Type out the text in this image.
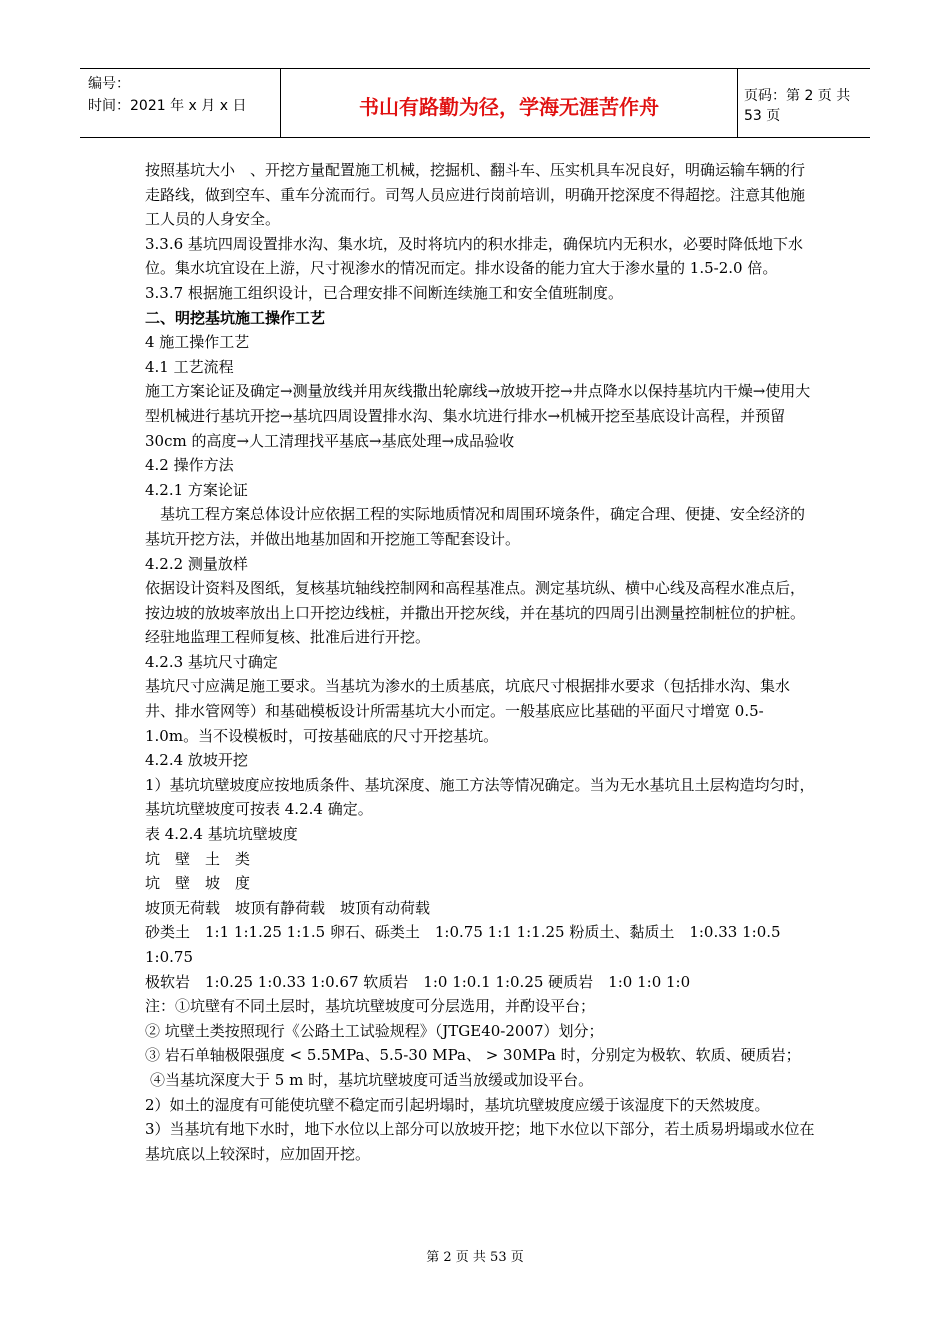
编号：
时间：2021 年 x 月 x 日	书山有路勤为径，学海无涯苦作舟	页码：第 2 页 共 53 页

按照基坑大小　、开挖方量配置施工机械，挖掘机、翻斗车、压实机具车况良好，明确运输车辆的行走路线，做到空车、重车分流而行。司驾人员应进行岗前培训，明确开挖深度不得超挖。注意其他施工人员的人身安全。

3.3.6 基坑四周设置排水沟、集水坑，及时将坑内的积水排走，确保坑内无积水，必要时降低地下水位。集水坑宜设在上游，尺寸视渗水的情况而定。排水设备的能力宜大于渗水量的 1.5-2.0 倍。

3.3.7 根据施工组织设计，已合理安排不间断连续施工和安全值班制度。

二、明挖基坑施工操作工艺

4 施工操作工艺

4.1 工艺流程

施工方案论证及确定→测量放线并用灰线撒出轮廓线→放坡开挖→井点降水以保持基坑内干燥→使用大型机械进行基坑开挖→基坑四周设置排水沟、集水坑进行排水→机械开挖至基底设计高程，并预留 30cm 的高度→人工清理找平基底→基底处理→成品验收

4.2 操作方法

4.2.1 方案论证

基坑工程方案总体设计应依据工程的实际地质情况和周围环境条件，确定合理、便捷、安全经济的基坑开挖方法，并做出地基加固和开挖施工等配套设计。

4.2.2 测量放样

依据设计资料及图纸，复核基坑轴线控制网和高程基准点。测定基坑纵、横中心线及高程水准点后，按边坡的放坡率放出上口开挖边线桩，并撒出开挖灰线，并在基坑的四周引出测量控制桩位的护桩。经驻地监理工程师复核、批准后进行开挖。

4.2.3 基坑尺寸确定

基坑尺寸应满足施工要求。当基坑为渗水的土质基底，坑底尺寸根据排水要求（包括排水沟、集水井、排水管网等）和基础模板设计所需基坑大小而定。一般基底应比基础的平面尺寸增宽 0.5-1.0m。当不设模板时，可按基础底的尺寸开挖基坑。

4.2.4 放坡开挖

1）基坑坑壁坡度应按地质条件、基坑深度、施工方法等情况确定。当为无水基坑且土层构造均匀时，基坑坑壁坡度可按表 4.2.4 确定。

表 4.2.4 基坑坑壁坡度

坑　壁　土　类

坑　壁　坡　度

坡顶无荷载　坡顶有静荷载　坡顶有动荷载

砂类土　1:1 1:1.25 1:1.5 卵石、砾类土　1:0.75 1:1 1:1.25 粉质土、黏质土　1:0.33 1:0.5 1:0.75

极软岩　1:0.25 1:0.33 1:0.67 软质岩　1:0 1:0.1 1:0.25 硬质岩　1:0 1:0 1:0

注：①坑壁有不同土层时，基坑坑壁坡度可分层选用，并酌设平台；

② 坑壁土类按照现行《公路土工试验规程》（JTGE40-2007）划分；

③ 岩石单轴极限强度 < 5.5MPa、5.5-30 MPa、 > 30MPa 时，分别定为极软、软质、硬质岩；

④当基坑深度大于 5 m 时，基坑坑壁坡度可适当放缓或加设平台。

2）如土的湿度有可能使坑壁不稳定而引起坍塌时，基坑坑壁坡度应缓于该湿度下的天然坡度。

3）当基坑有地下水时，地下水位以上部分可以放坡开挖；地下水位以下部分，若土质易坍塌或水位在基坑底以上较深时，应加固开挖。

第 2 页 共 53 页
